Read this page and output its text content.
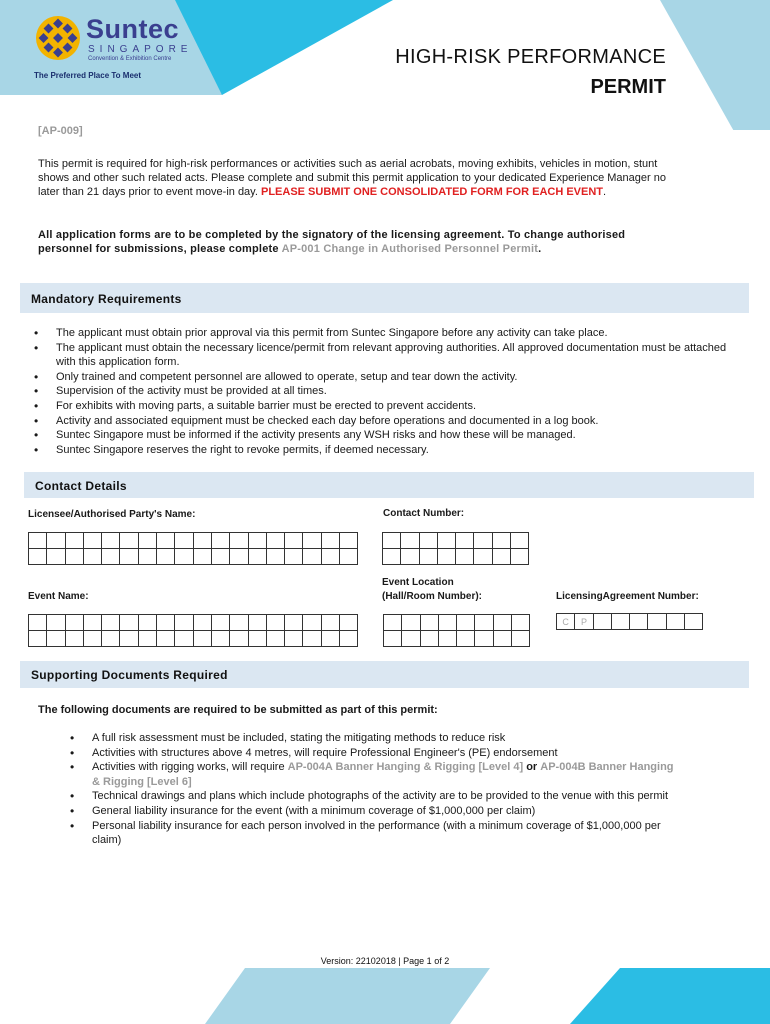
Suntec
SINGAPORE
Convention & Exhibition Centre
The Preferred Place To Meet
HIGH-RISK PERFORMANCE
PERMIT
[AP-009]
This permit is required for high-risk performances or activities such as aerial acrobats, moving exhibits, vehicles in motion, stunt shows and other such related acts. Please complete and submit this permit application to your dedicated Experience Manager no later than 21 days prior to event move-in day. PLEASE SUBMIT ONE CONSOLIDATED FORM FOR EACH EVENT.
All application forms are to be completed by the signatory of the licensing agreement. To change authorised personnel for submissions, please complete AP-001 Change in Authorised Personnel Permit.
Mandatory Requirements
• The applicant must obtain prior approval via this permit from Suntec Singapore before any activity can take place.
• The applicant must obtain the necessary licence/permit from relevant approving authorities. All approved documentation must be attached with this application form.
• Only trained and competent personnel are allowed to operate, setup and tear down the activity.
• Supervision of the activity must be provided at all times.
• For exhibits with moving parts, a suitable barrier must be erected to prevent accidents.
• Activity and associated equipment must be checked each day before operations and documented in a log book.
• Suntec Singapore must be informed if the activity presents any WSH risks and how these will be managed.
• Suntec Singapore reserves the right to revoke permits, if deemed necessary.
Contact Details
Licensee/Authorised Party's Name:	Contact Number:

Event Name:
Event Location
(Hall/Room Number):	LicensingAgreement Number:

C	P						
Supporting Documents Required
The following documents are required to be submitted as part of this permit:
• A full risk assessment must be included, stating the mitigating methods to reduce risk
• Activities with structures above 4 metres, will require Professional Engineer's (PE) endorsement
• Activities with rigging works, will require AP-004A Banner Hanging & Rigging [Level 4] or AP-004B Banner Hanging & Rigging [Level 6]
• Technical drawings and plans which include photographs of the activity are to be provided to the venue with this permit
• General liability insurance for the event (with a minimum coverage of $1,000,000 per claim)
• Personal liability insurance for each person involved in the performance (with a minimum coverage of $1,000,000 per claim)
Version: 22102018 | Page 1 of 2
